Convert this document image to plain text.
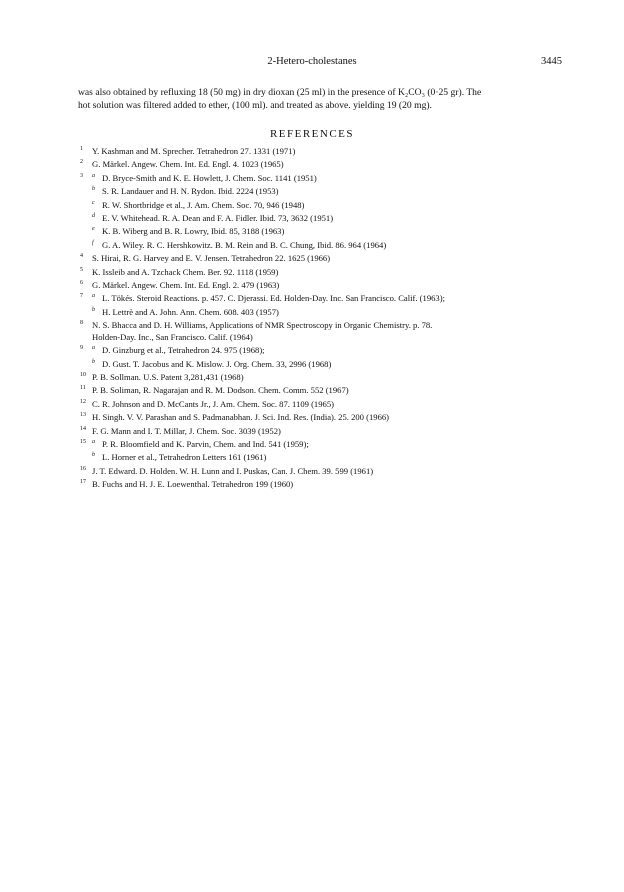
2-Hetero-cholestanes	3445
was also obtained by refluxing 18 (50 mg) in dry dioxan (25 ml) in the presence of K₂CO₃ (0·25 gr). The
hot solution was filtered added to ether, (100 ml). and treated as above. yielding 19 (20 mg).
REFERENCES
1 Y. Kashman and M. Sprecher. Tetrahedron 27. 1331 (1971)
2 G. Märkel. Angew. Chem. Int. Ed. Engl. 4. 1023 (1965)
3 a D. Bryce-Smith and K. E. Howlett, J. Chem. Soc. 1141 (1951)
b S. R. Landauer and H. N. Rydon. Ibid. 2224 (1953)
c R. W. Shortbridge et al., J. Am. Chem. Soc. 70, 946 (1948)
d E. V. Whitehead. R. A. Dean and F. A. Fidler. Ibid. 73, 3632 (1951)
e K. B. Wiberg and B. R. Lowry, Ibid. 85, 3188 (1963)
f G. A. Wiley. R. C. Hershkowitz. B. M. Rein and B. C. Chung, Ibid. 86. 964 (1964)
4 S. Hirai, R. G. Harvey and E. V. Jensen. Tetrahedron 22. 1625 (1966)
5 K. Issleib and A. Tzchack Chem. Ber. 92. 1118 (1959)
6 G. Märkel. Angew. Chem. Int. Ed. Engl. 2. 479 (1963)
7 a L. Tökés. Steroid Reactions. p. 457. C. Djerassi. Ed. Holden-Day. Inc. San Francisco. Calif. (1963);
b H. Lettrè and A. John. Ann. Chem. 608. 403 (1957)
8 N. S. Bhacca and D. H. Williams, Applications of NMR Spectroscopy in Organic Chemistry. p. 78.
Holden-Day. Inc., San Francisco. Calif. (1964)
9 a D. Ginzburg et al., Tetrahedron 24. 975 (1968);
b D. Gust. T. Jacobus and K. Mislow. J. Org. Chem. 33, 2996 (1968)
10 P. B. Sollman. U.S. Patent 3,281,431 (1968)
11 P. B. Soliman, R. Nagarajan and R. M. Dodson. Chem. Comm. 552 (1967)
12 C. R. Johnson and D. McCants Jr., J. Am. Chem. Soc. 87. 1109 (1965)
13 H. Singh. V. V. Parashan and S. Padmanabhan. J. Sci. Ind. Res. (India). 25. 200 (1966)
14 F. G. Mann and I. T. Millar, J. Chem. Soc. 3039 (1952)
15 a P. R. Bloomfield and K. Parvin, Chem. and Ind. 541 (1959);
b L. Horner et al., Tetrahedron Letters 161 (1961)
16 J. T. Edward. D. Holden. W. H. Lunn and I. Puskas, Can. J. Chem. 39. 599 (1961)
17 B. Fuchs and H. J. E. Loewenthal. Tetrahedron 199 (1960)
